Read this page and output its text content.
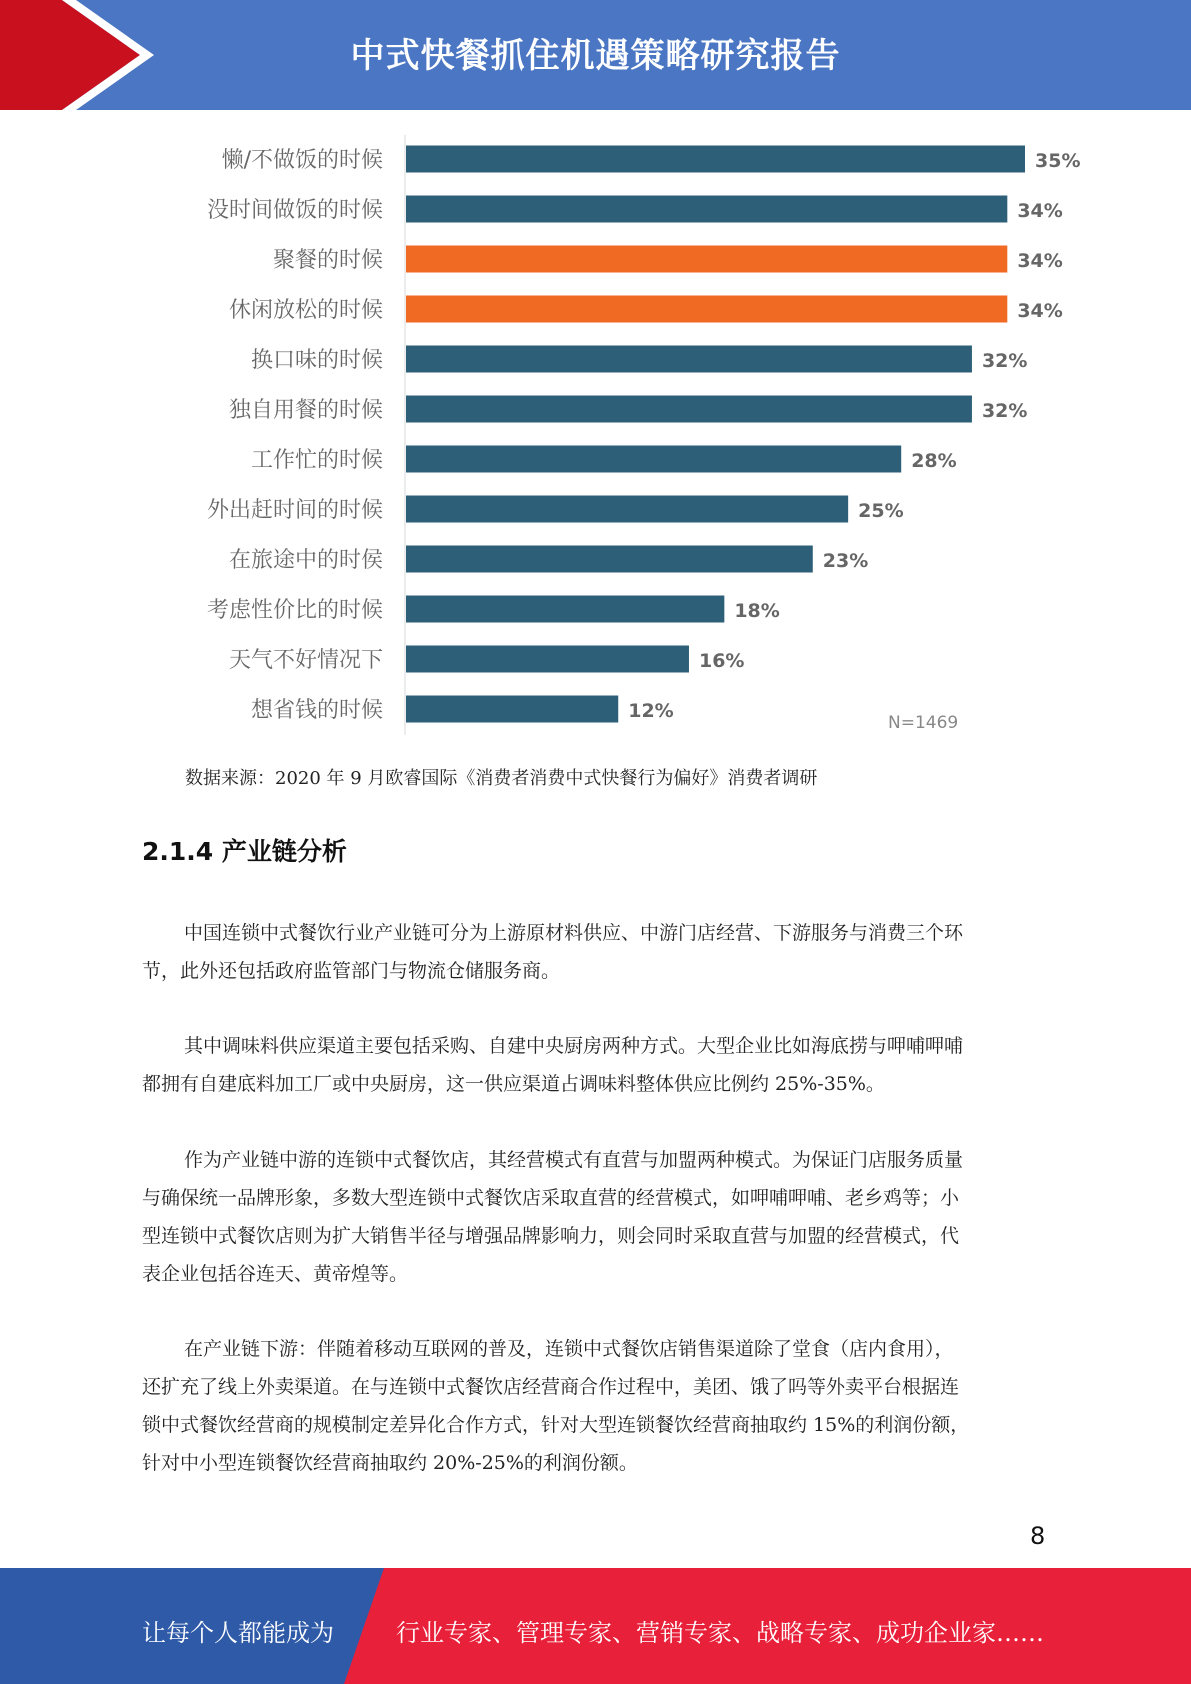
中式快餐抓住机遇策略研究报告
懒/不做饭的时候	35%
没时间做饭的时候	34%
聚餐的时候	34%
休闲放松的时候	34%
换口味的时候	32%
独自用餐的时候	32%
工作忙的时候	28%
外出赶时间的时候	25%
在旅途中的时侯	23%
考虑性价比的时候	18%
天气不好情况下	16%
想省钱的时候	12%
N=1469
数据来源：2020 年 9 月欧睿国际《消费者消费中式快餐行为偏好》消费者调研
2.1.4 产业链分析
中国连锁中式餐饮行业产业链可分为上游原材料供应、中游门店经营、下游服务与消费三个环
节，此外还包括政府监管部门与物流仓储服务商。
其中调味料供应渠道主要包括采购、自建中央厨房两种方式。大型企业比如海底捞与呷哺呷哺
都拥有自建底料加工厂或中央厨房，这一供应渠道占调味料整体供应比例约 25%-35%。
作为产业链中游的连锁中式餐饮店，其经营模式有直营与加盟两种模式。为保证门店服务质量
与确保统一品牌形象，多数大型连锁中式餐饮店采取直营的经营模式，如呷哺呷哺、老乡鸡等；小
型连锁中式餐饮店则为扩大销售半径与增强品牌影响力，则会同时采取直营与加盟的经营模式，代
表企业包括谷连天、黄帝煌等。
在产业链下游：伴随着移动互联网的普及，连锁中式餐饮店销售渠道除了堂食（店内食用），
还扩充了线上外卖渠道。在与连锁中式餐饮店经营商合作过程中，美团、饿了吗等外卖平台根据连
锁中式餐饮经营商的规模制定差异化合作方式，针对大型连锁餐饮经营商抽取约 15%的利润份额，
针对中小型连锁餐饮经营商抽取约 20%-25%的利润份额。
8
让每个人都能成为	行业专家、管理专家、营销专家、战略专家、成功企业家……
